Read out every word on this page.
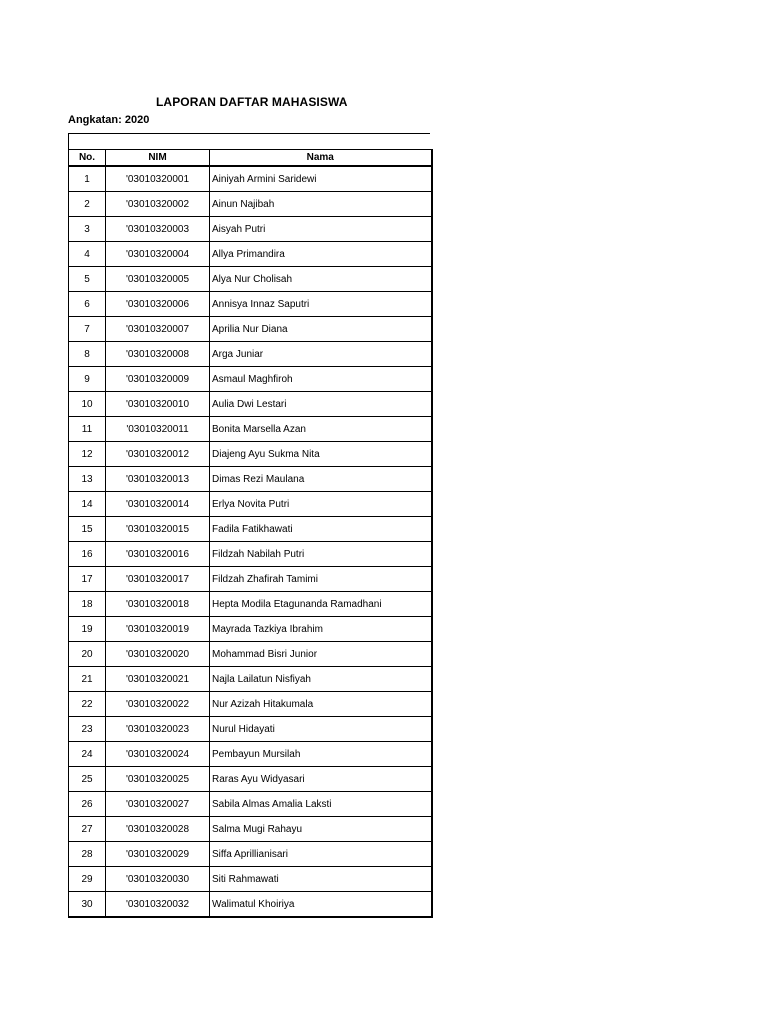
LAPORAN DAFTAR MAHASISWA
Angkatan: 2020
No.	NIM	Nama
1	'03010320001	Ainiyah Armini Saridewi
2	'03010320002	Ainun Najibah
3	'03010320003	Aisyah Putri
4	'03010320004	Allya Primandira
5	'03010320005	Alya Nur Cholisah
6	'03010320006	Annisya Innaz Saputri
7	'03010320007	Aprilia Nur Diana
8	'03010320008	Arga Juniar
9	'03010320009	Asmaul Maghfiroh
10	'03010320010	Aulia Dwi Lestari
11	'03010320011	Bonita Marsella Azan
12	'03010320012	Diajeng Ayu Sukma Nita
13	'03010320013	Dimas Rezi Maulana
14	'03010320014	Erlya Novita Putri
15	'03010320015	Fadila Fatikhawati
16	'03010320016	Fildzah Nabilah Putri
17	'03010320017	Fildzah Zhafirah Tamimi
18	'03010320018	Hepta Modila Etagunanda Ramadhani
19	'03010320019	Mayrada Tazkiya Ibrahim
20	'03010320020	Mohammad Bisri Junior
21	'03010320021	Najla Lailatun Nisfiyah
22	'03010320022	Nur Azizah Hitakumala
23	'03010320023	Nurul Hidayati
24	'03010320024	Pembayun Mursilah
25	'03010320025	Raras Ayu Widyasari
26	'03010320027	Sabila Almas Amalia Laksti
27	'03010320028	Salma Mugi Rahayu
28	'03010320029	Siffa Aprillianisari
29	'03010320030	Siti Rahmawati
30	'03010320032	Walimatul Khoiriya
